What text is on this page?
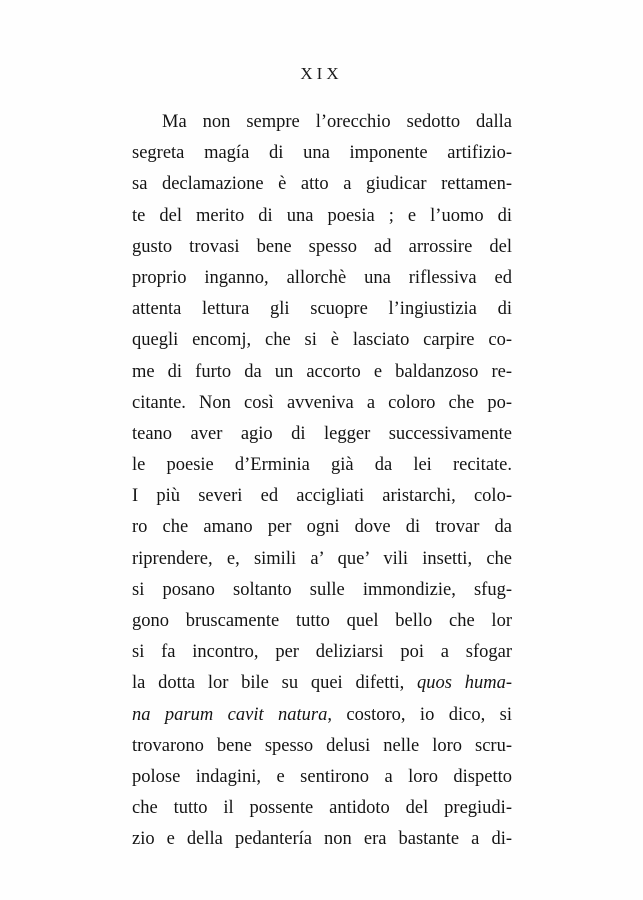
XIX
Ma non sempre l’orecchio sedotto dalla
segreta magía di una imponente artifizio-
sa declamazione è atto a giudicar rettamen-
te del merito di una poesia ; e l’uomo di
gusto trovasi bene spesso ad arrossire del
proprio inganno, allorchè una riflessiva ed
attenta lettura gli scuopre l’ingiustizia di
quegli encomj, che si è lasciato carpire co-
me di furto da un accorto e baldanzoso re-
citante. Non così avveniva a coloro che po-
teano aver agio di legger successivamente
le poesie d’Erminia già da lei recitate.
I più severi ed accigliati aristarchi, colo-
ro che amano per ogni dove di trovar da
riprendere, e, simili a’ que’ vili insetti, che
si posano soltanto sulle immondizie, sfug-
gono bruscamente tutto quel bello che lor
si fa incontro, per deliziarsi poi a sfogar
la dotta lor bile su quei difetti, quos huma-
na parum cavit natura, costoro, io dico, si
trovarono bene spesso delusi nelle loro scru-
polose indagini, e sentirono a loro dispetto
che tutto il possente antidoto del pregiudi-
zio e della pedantería non era bastante a di-
